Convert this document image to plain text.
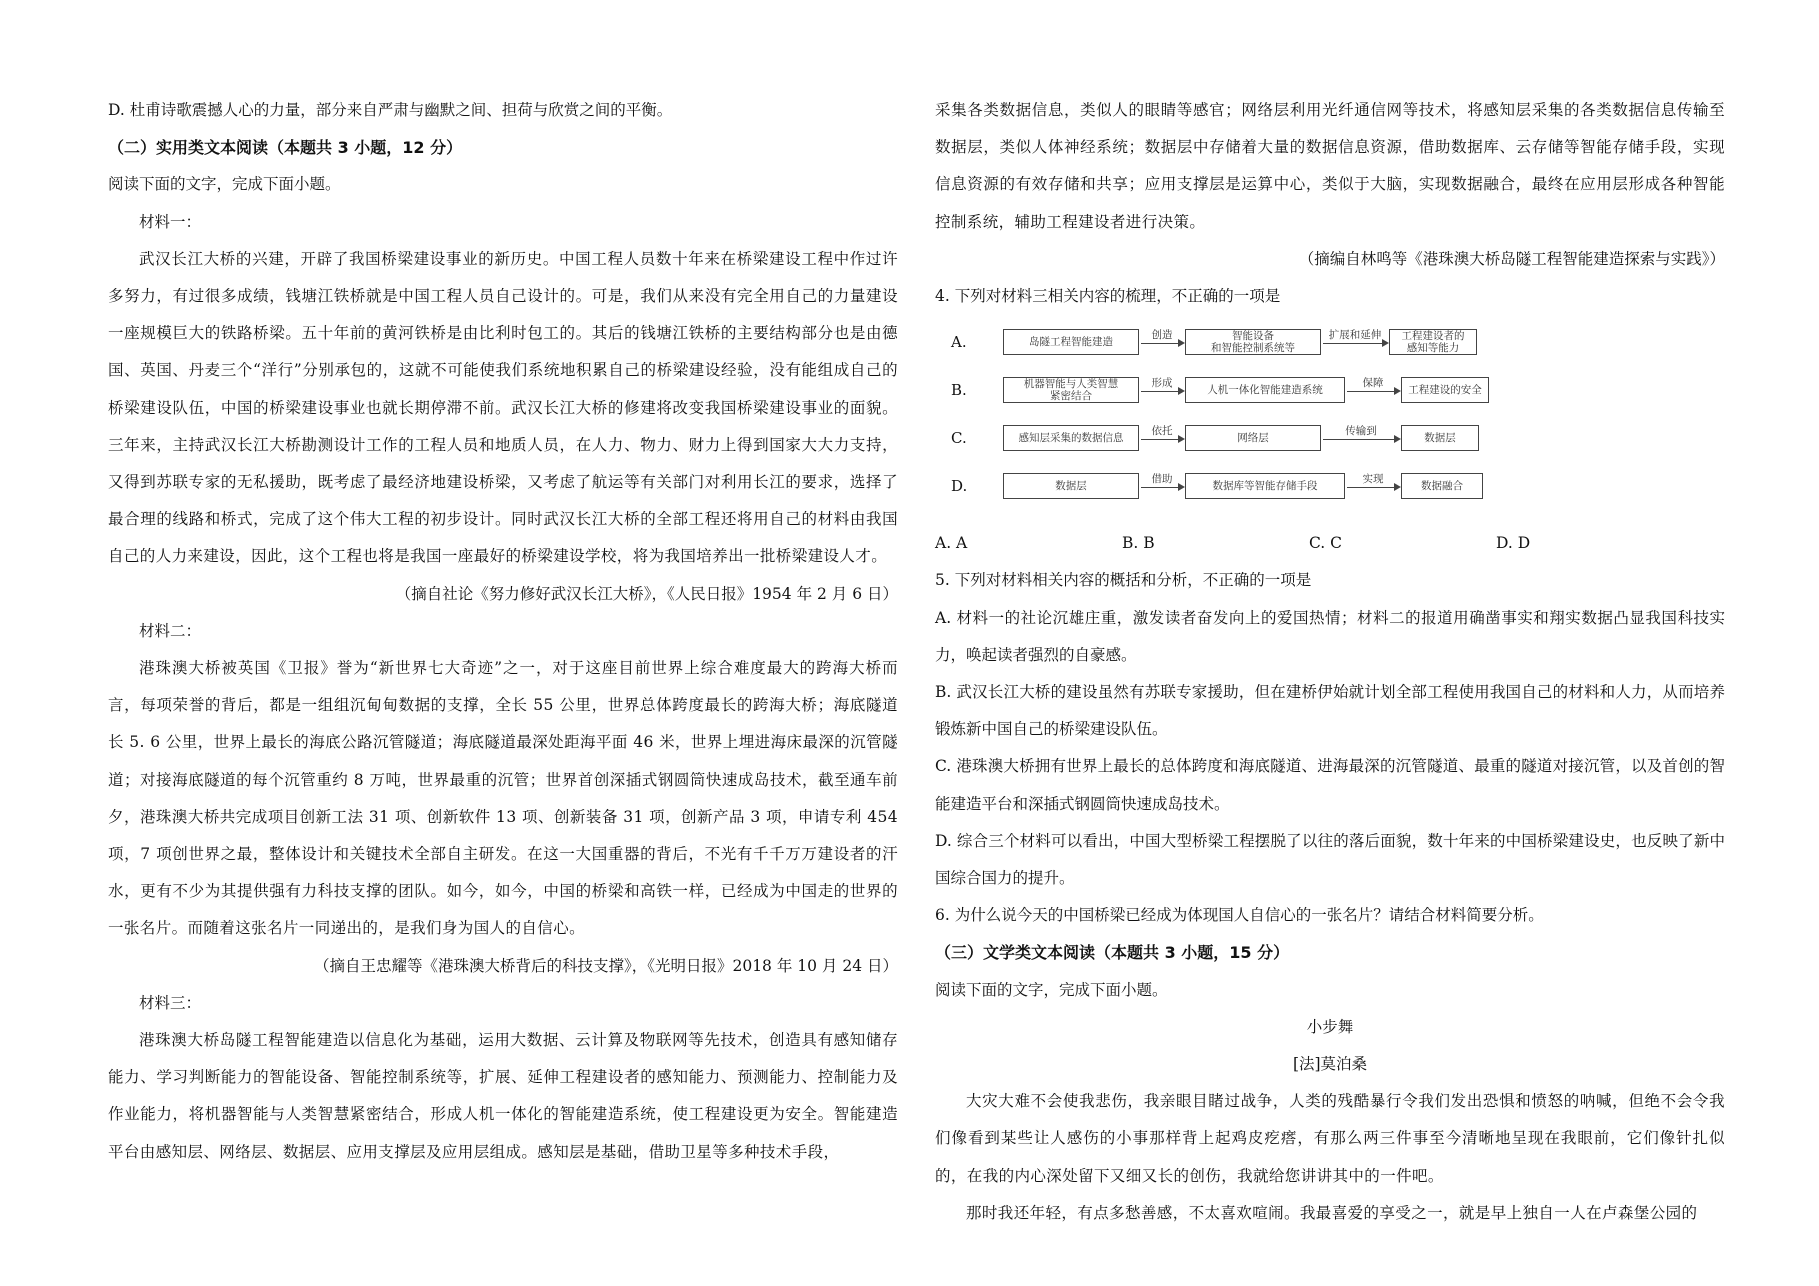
D. 杜甫诗歌震撼人心的力量，部分来自严肃与幽默之间、担荷与欣赏之间的平衡。

（二）实用类文本阅读（本题共 3 小题，12 分）

阅读下面的文字，完成下面小题。

材料一：

武汉长江大桥的兴建，开辟了我国桥梁建设事业的新历史。中国工程人员数十年来在桥梁建设工程中作过许多努力，有过很多成绩，钱塘江铁桥就是中国工程人员自己设计的。可是，我们从来没有完全用自己的力量建设一座规模巨大的铁路桥梁。五十年前的黄河铁桥是由比利时包工的。其后的钱塘江铁桥的主要结构部分也是由德国、英国、丹麦三个“洋行”分别承包的，这就不可能使我们系统地积累自己的桥梁建设经验，没有能组成自己的桥梁建设队伍，中国的桥梁建设事业也就长期停滞不前。武汉长江大桥的修建将改变我国桥梁建设事业的面貌。三年来，主持武汉长江大桥勘测设计工作的工程人员和地质人员，在人力、物力、财力上得到国家大大力支持，又得到苏联专家的无私援助，既考虑了最经济地建设桥梁，又考虑了航运等有关部门对利用长江的要求，选择了最合理的线路和桥式，完成了这个伟大工程的初步设计。同时武汉长江大桥的全部工程还将用自己的材料由我国自己的人力来建设，因此，这个工程也将是我国一座最好的桥梁建设学校，将为我国培养出一批桥梁建设人才。

（摘自社论《努力修好武汉长江大桥》，《人民日报》1954 年 2 月 6 日）

材料二：

港珠澳大桥被英国《卫报》誉为“新世界七大奇迹”之一，对于这座目前世界上综合难度最大的跨海大桥而言，每项荣誉的背后，都是一组组沉甸甸数据的支撑，全长 55 公里，世界总体跨度最长的跨海大桥；海底隧道长 5. 6 公里，世界上最长的海底公路沉管隧道；海底隧道最深处距海平面 46 米，世界上埋进海床最深的沉管隧道；对接海底隧道的每个沉管重约 8 万吨，世界最重的沉管；世界首创深插式钢圆筒快速成岛技术，截至通车前夕，港珠澳大桥共完成项目创新工法 31 项、创新软件 13 项、创新装备 31 项，创新产品 3 项，申请专利 454 项，7 项创世界之最，整体设计和关键技术全部自主研发。在这一大国重器的背后，不光有千千万万建设者的汗水，更有不少为其提供强有力科技支撑的团队。如今，如今，中国的桥梁和高铁一样，已经成为中国走的世界的一张名片。而随着这张名片一同递出的，是我们身为国人的自信心。

（摘自王忠耀等《港珠澳大桥背后的科技支撑》，《光明日报》2018 年 10 月 24 日）

材料三：

港珠澳大桥岛隧工程智能建造以信息化为基础，运用大数据、云计算及物联网等先技术，创造具有感知储存能力、学习判断能力的智能设备、智能控制系统等，扩展、延伸工程建设者的感知能力、预测能力、控制能力及作业能力，将机器智能与人类智慧紧密结合，形成人机一体化的智能建造系统，使工程建设更为安全。智能建造平台由感知层、网络层、数据层、应用支撑层及应用层组成。感知层是基础，借助卫星等多种技术手段，

采集各类数据信息，类似人的眼睛等感官；网络层利用光纤通信网等技术，将感知层采集的各类数据信息传输至数据层，类似人体神经系统；数据层中存储着大量的数据信息资源，借助数据库、云存储等智能存储手段，实现信息资源的有效存储和共享；应用支撑层是运算中心，类似于大脑，实现数据融合，最终在应用层形成各种智能控制系统，辅助工程建设者进行决策。

（摘编自林鸣等《港珠澳大桥岛隧工程智能建造探索与实践》）

4. 下列对材料三相关内容的梳理，不正确的一项是

A.	岛隧工程智能建造
创造	智能设备
和智能控制系统等
扩展和延伸	工程建设者的
感知等能力
B.	机器智能与人类智慧
紧密结合
形成
人机一体化智能建造系统
保障
工程建设的安全
C.	感知层采集的数据信息
依托
网络层
传输到
数据层
D.	数据层
借助
数据库等智能存储手段
实现
数据融合
A. A	B. B	C. C	D. D

5. 下列对材料相关内容的概括和分析，不正确的一项是

A. 材料一的社论沉雄庄重，激发读者奋发向上的爱国热情；材料二的报道用确凿事实和翔实数据凸显我国科技实力，唤起读者强烈的自豪感。

B. 武汉长江大桥的建设虽然有苏联专家援助，但在建桥伊始就计划全部工程使用我国自己的材料和人力，从而培养锻炼新中国自己的桥梁建设队伍。

C. 港珠澳大桥拥有世界上最长的总体跨度和海底隧道、进海最深的沉管隧道、最重的隧道对接沉管，以及首创的智能建造平台和深插式钢圆筒快速成岛技术。

D. 综合三个材料可以看出，中国大型桥梁工程摆脱了以往的落后面貌，数十年来的中国桥梁建设史，也反映了新中国综合国力的提升。

6. 为什么说今天的中国桥梁已经成为体现国人自信心的一张名片？请结合材料简要分析。

（三）文学类文本阅读（本题共 3 小题，15 分）

阅读下面的文字，完成下面小题。

小步舞

[法]莫泊桑

大灾大难不会使我悲伤，我亲眼目睹过战争，人类的残酷暴行令我们发出恐惧和愤怒的呐喊，但绝不会令我们像看到某些让人感伤的小事那样背上起鸡皮疙瘩，有那么两三件事至今清晰地呈现在我眼前，它们像针扎似的，在我的内心深处留下又细又长的创伤，我就给您讲讲其中的一件吧。

那时我还年轻，有点多愁善感，不太喜欢喧闹。我最喜爱的享受之一，就是早上独自一人在卢森堡公园的
